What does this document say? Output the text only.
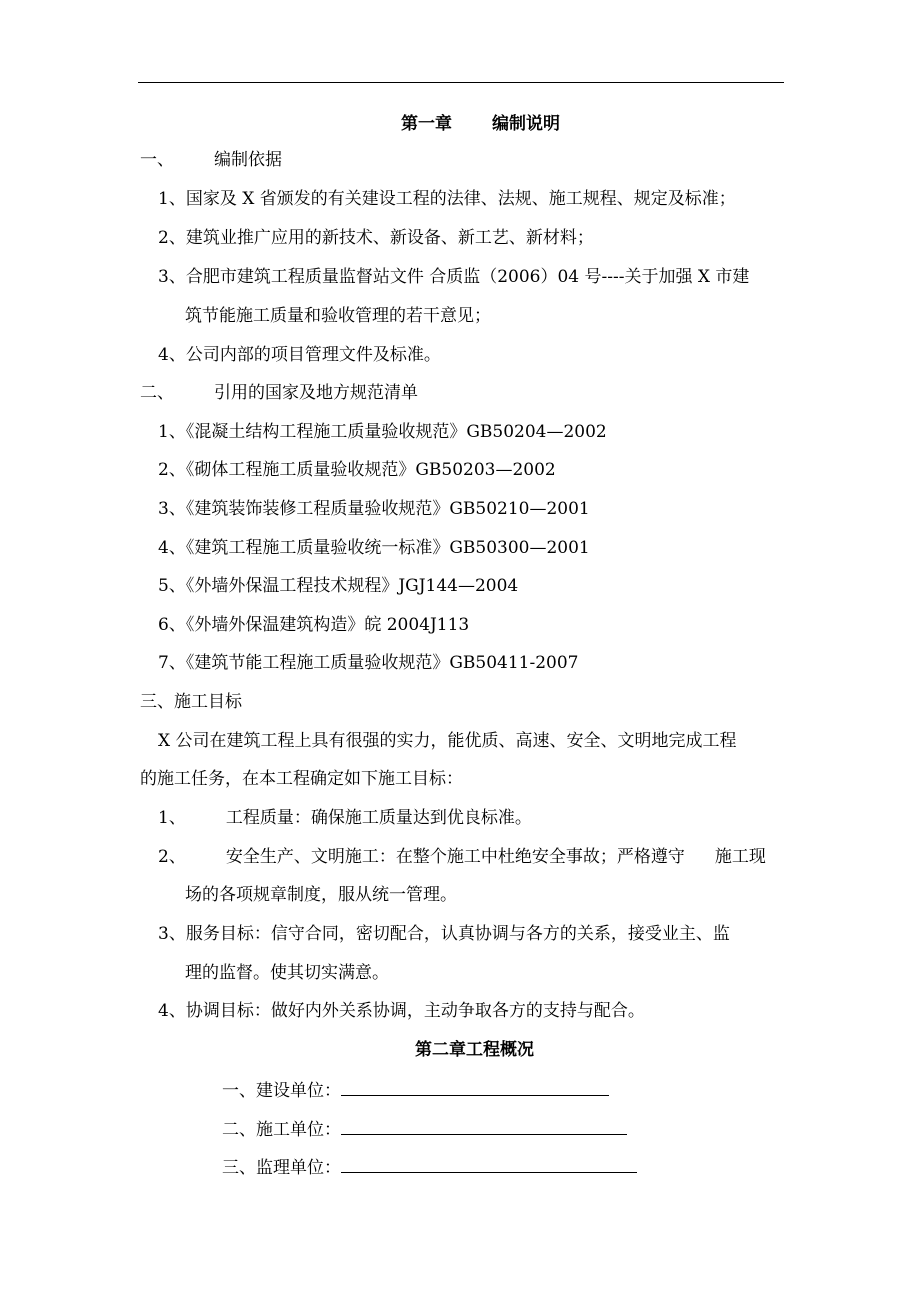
第一章 编制说明
一、 编制依据
1、国家及 X 省颁发的有关建设工程的法律、法规、施工规程、规定及标准；
2、建筑业推广应用的新技术、新设备、新工艺、新材料；
3、合肥市建筑工程质量监督站文件 合质监（2006）04 号----关于加强 X 市建
筑节能施工质量和验收管理的若干意见；
4、公司内部的项目管理文件及标准。
二、 引用的国家及地方规范清单
1、《混凝土结构工程施工质量验收规范》GB50204—2002
2、《砌体工程施工质量验收规范》GB50203—2002
3、《建筑装饰装修工程质量验收规范》GB50210—2001
4、《建筑工程施工质量验收统一标准》GB50300—2001
5、《外墙外保温工程技术规程》JGJ144—2004
6、《外墙外保温建筑构造》皖 2004J113
7、《建筑节能工程施工质量验收规范》GB50411-2007
三、施工目标
X 公司在建筑工程上具有很强的实力，能优质、高速、安全、文明地完成工程
的施工任务，在本工程确定如下施工目标：
1、 工程质量：确保施工质量达到优良标准。
2、 安全生产、文明施工：在整个施工中杜绝安全事故；严格遵守 施工现
场的各项规章制度，服从统一管理。
3、服务目标：信守合同，密切配合，认真协调与各方的关系，接受业主、监
理的监督。使其切实满意。
4、协调目标：做好内外关系协调，主动争取各方的支持与配合。
第二章工程概况
一、建设单位：
二、施工单位：
三、监理单位：
